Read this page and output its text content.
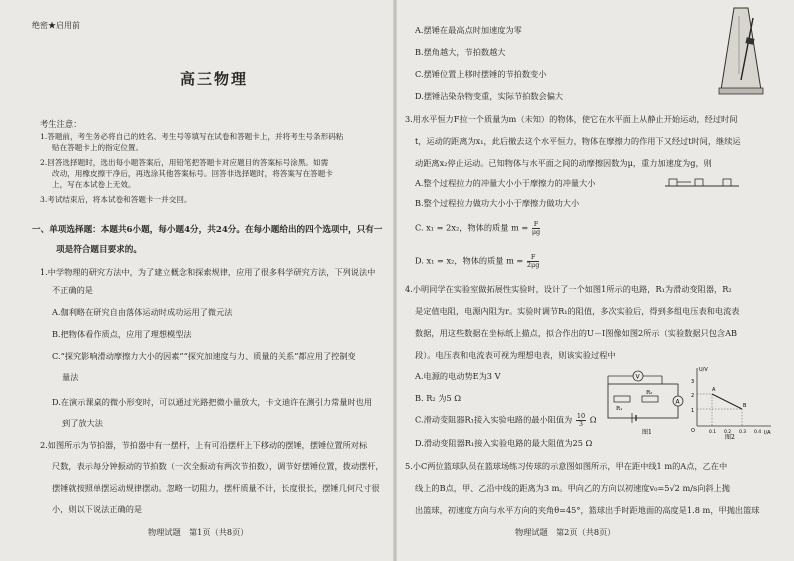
绝密★启用前
高三物理
考生注意：
1.答题前，考生务必将自己的姓名、考生号等填写在试卷和答题卡上，并将考生号条形码粘
贴在答题卡上的指定位置。
2.回答选择题时，选出每小题答案后，用铅笔把答题卡对应题目的答案标号涂黑。如需
改动，用橡皮擦干净后，再选涂其他答案标号。回答非选择题时，将答案写在答题卡
上，写在本试卷上无效。
3.考试结束后，将本试卷和答题卡一并交回。
一、单项选择题：本题共6小题，每小题4分，共24分。在每小题给出的四个选项中，只有一
项是符合题目要求的。
1.中学物理的研究方法中，为了建立概念和探索规律，应用了很多科学研究方法，下列说法中
不正确的是
A.伽利略在研究自由落体运动时成功运用了微元法
B.把物体看作质点，应用了理想模型法
C.“探究影响滑动摩擦力大小的因素”“探究加速度与力、质量的关系”都应用了控制变
量法
D.在演示课桌的微小形变时，可以通过光路把微小量放大，卡文迪许在测引力常量时也用
到了放大法
2.如图所示为节拍器，节拍器中有一摆杆，上有可沿摆杆上下移动的摆锤，摆锤位置所对标
尺数，表示每分钟振动的节拍数（一次全振动有两次节拍数），调节好摆锤位置，拨动摆杆，
摆锤就按照单摆运动规律摆动。忽略一切阻力，摆杆质量不计，长度很长，摆锤几何尺寸很
小，则以下说法正确的是
物理试题　第1页（共8页）
A.摆锤在最高点时加速度为零
B.摆角越大，节拍数越大
C.摆锤位置上移时摆锤的节拍数变小
D.摆锤沾染杂物变重，实际节拍数会偏大
3.用水平恒力F拉一个质量为m（未知）的物体，使它在水平面上从静止开始运动，经过时间
t，运动的距离为x₁，此后撤去这个水平恒力，物体在摩擦力的作用下又经过t时间，继续运
动距离x₂停止运动。已知物体与水平面之间的动摩擦因数为μ，重力加速度为g，则
A.整个过程拉力的冲量大小小于摩擦力的冲量大小
B.整个过程拉力做功大小小于摩擦力做功大小
C. x₁ = 2x₂，物体的质量 $m = \frac{F}{\mu g}$
D. x₁ = x₂，物体的质量 $m = \frac{F}{2\mu g}$
4.小明同学在实验室做拓展性实验时，设计了一个如图1所示的电路，R₁为滑动变阻器，R₂
是定值电阻，电源内阻为r。实验时调节R₁的阻值，多次实验后，得到多组电压表和电流表
数据，用这些数据在坐标纸上描点，拟合作出的U－I图像如图2所示（实验数据只包含AB
段）。电压表和电流表可视为理想电表，则该实验过程中
A.电源的电动势E为3 V
B. R₂ 为5 Ω
C.滑动变阻器R₁接入实验电路的最小阻值为 $\frac{10}{3}$ Ω
D.滑动变阻器R₁接入实验电路的最大阻值为25 Ω
V
R₁
R₂
A
图1
U/V
I/A
O
3
2
1
0.1 0.2 0.3 0.4
A
B
图2
5.小C两位篮球队员在篮球场练习传球的示意图如图所示，甲在距中线1 m的A点，乙在中
线上的B点，甲、乙沿中线的距离为3 m。甲向乙的方向以初速度v₀=5√2 m/s向斜上抛
出篮球，初速度方向与水平方向的夹角θ=45°，篮球出手时距地面的高度是1.8 m，甲抛出篮球
物理试题　第2页（共8页）
